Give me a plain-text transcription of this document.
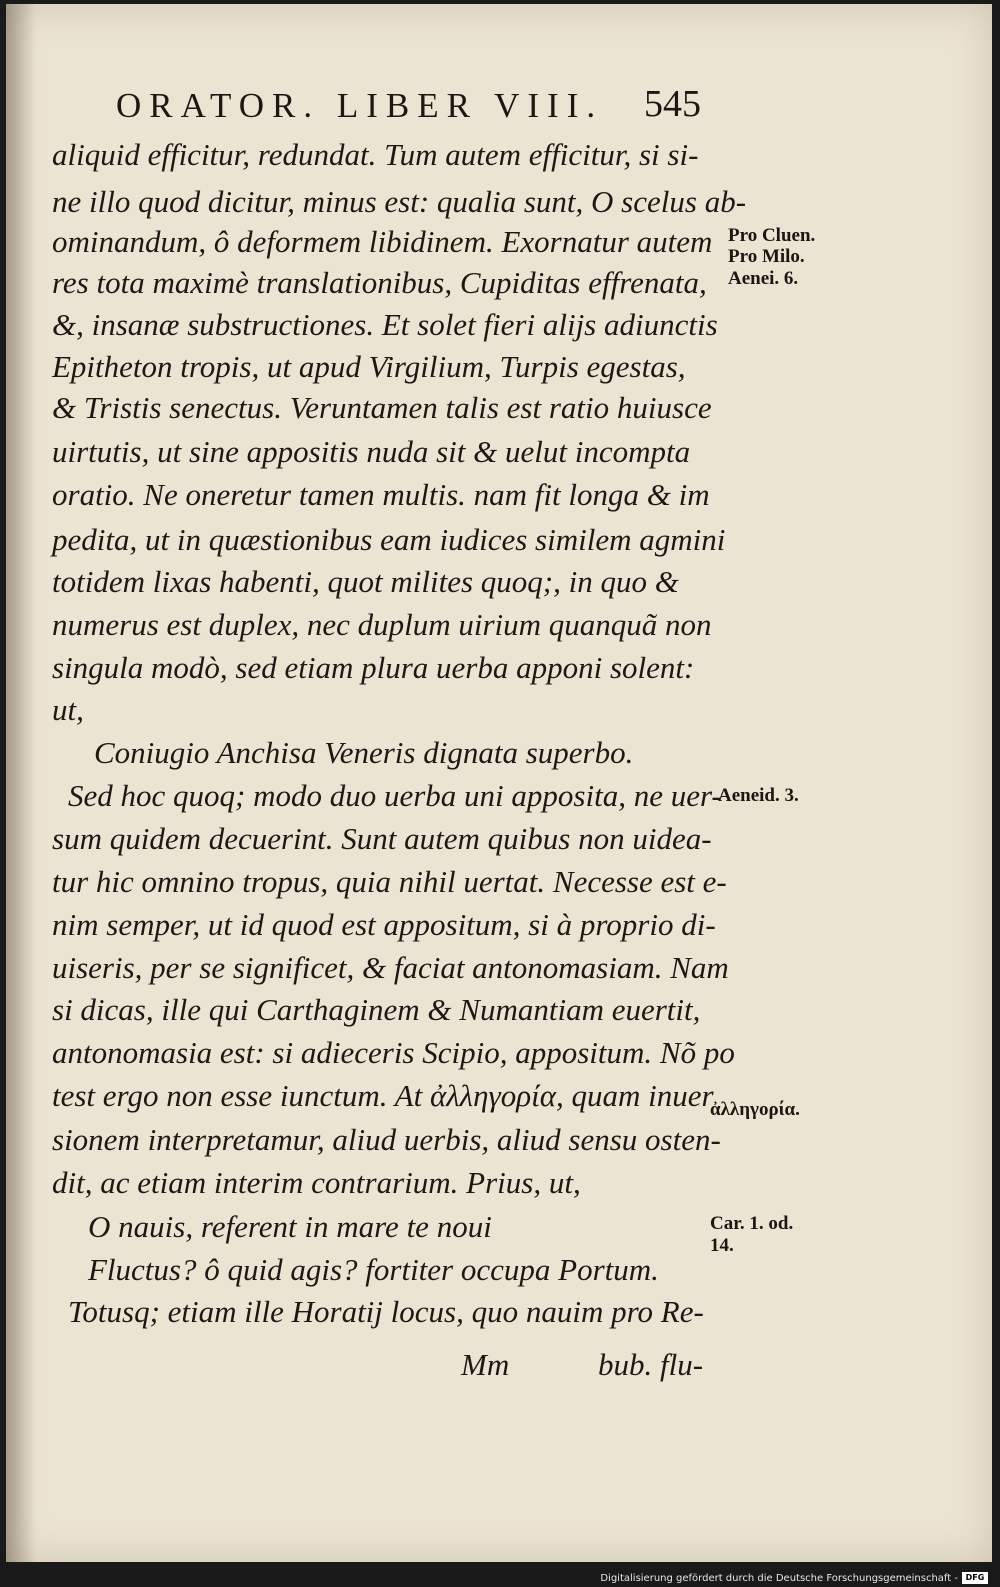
ORATOR. LIBER VIII. 545
aliquid efficitur, redundat. Tum autem efficitur, si si-
ne illo quod dicitur, minus est: qualia sunt, O scelus ab-
ominandum, ô deformem libidinem. Exornatur autem
res tota maximè translationibus, Cupiditas effrenata,
&, insanæ substructiones. Et solet fieri alijs adiunctis
Epitheton tropis, ut apud Virgilium, Turpis egestas,
& Tristis senectus. Veruntamen talis est ratio huiusce
uirtutis, ut sine appositis nuda sit & uelut incompta
oratio. Ne oneretur tamen multis. nam fit longa & im
pedita, ut in quæstionibus eam iudices similem agmini
totidem lixas habenti, quot milites quoq;, in quo &
numerus est duplex, nec duplum uirium quanquã non
singula modò, sed etiam plura uerba apponi solent:
ut,
Coniugio Anchisa Veneris dignata superbo.
Sed hoc quoq; modo duo uerba uni apposita, ne uer-
sum quidem decuerint. Sunt autem quibus non uidea-
tur hic omnino tropus, quia nihil uertat. Necesse est e-
nim semper, ut id quod est appositum, si à proprio di-
uiseris, per se significet, & faciat antonomasiam. Nam
si dicas, ille qui Carthaginem & Numantiam euertit,
antonomasia est: si adieceris Scipio, appositum. Nõ po
test ergo non esse iunctum. At ἀλληγορία, quam inuer
sionem interpretamur, aliud uerbis, aliud sensu osten-
dit, ac etiam interim contrarium. Prius, ut,
O nauis, referent in mare te noui
Fluctus? ô quid agis? fortiter occupa Portum.
Totusq; etiam ille Horatij locus, quo nauim pro Re-
Pro Cluen.
Pro Milo.
Aenei. 6.
Aeneid. 3.
ἀλληγορία.
Car. 1. od.
14.
Mm	bub. flu-
Digitalisierung gefördert durch die Deutsche Forschungsgemeinschaft - DFG
